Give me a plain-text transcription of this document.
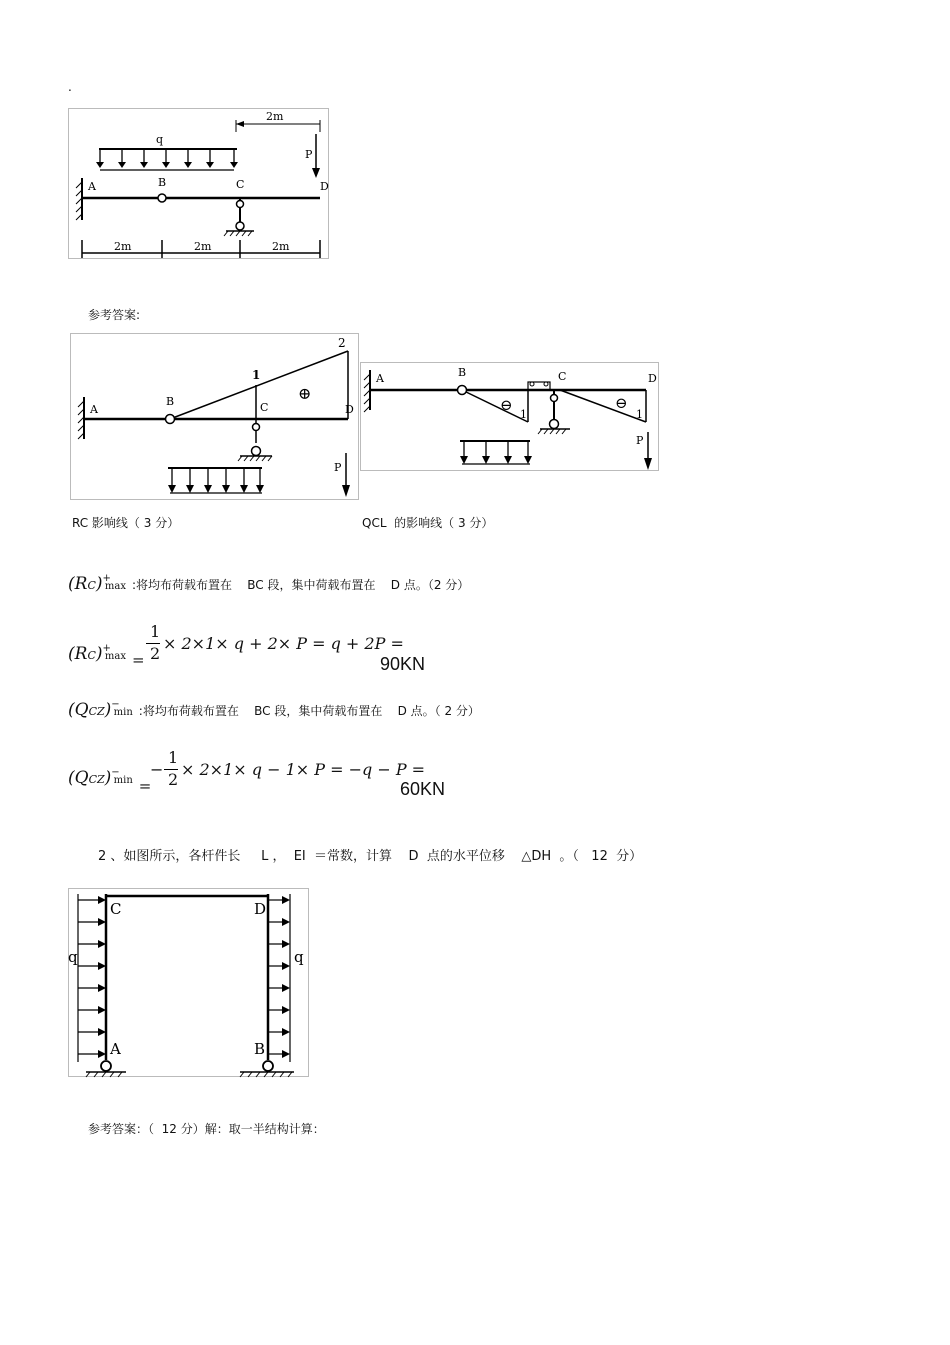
.
A	B	C	D
q
P
2m
2m	2m	2m
参考答案:
A
B	C	D
1
2
⊕
P
A	B	C	D
1	1
⊖	⊖
P
RC 影响线（ 3 分）	QCL  的影响线（ 3 分）
(RC)+max :将均布荷载布置在    BC 段，集中荷载布置在    D 点。（2 分）
(RC)+max =
1
2
× 2×1× q + 2× P = q + 2P =
90KN
(QCZ)−min :将均布荷载布置在    BC 段，集中荷载布置在    D 点。（ 2 分）
(QCZ)−min =
−
1
2
× 2×1× q − 1× P = −q − P =
60KN
2 、如图所示，各杆件长     L ，  EI  ＝常数，计算    D  点的水平位移    △DH  。（   12  分）
C	D
A	B
q	q
参考答案：（  12 分）解：取一半结构计算：
